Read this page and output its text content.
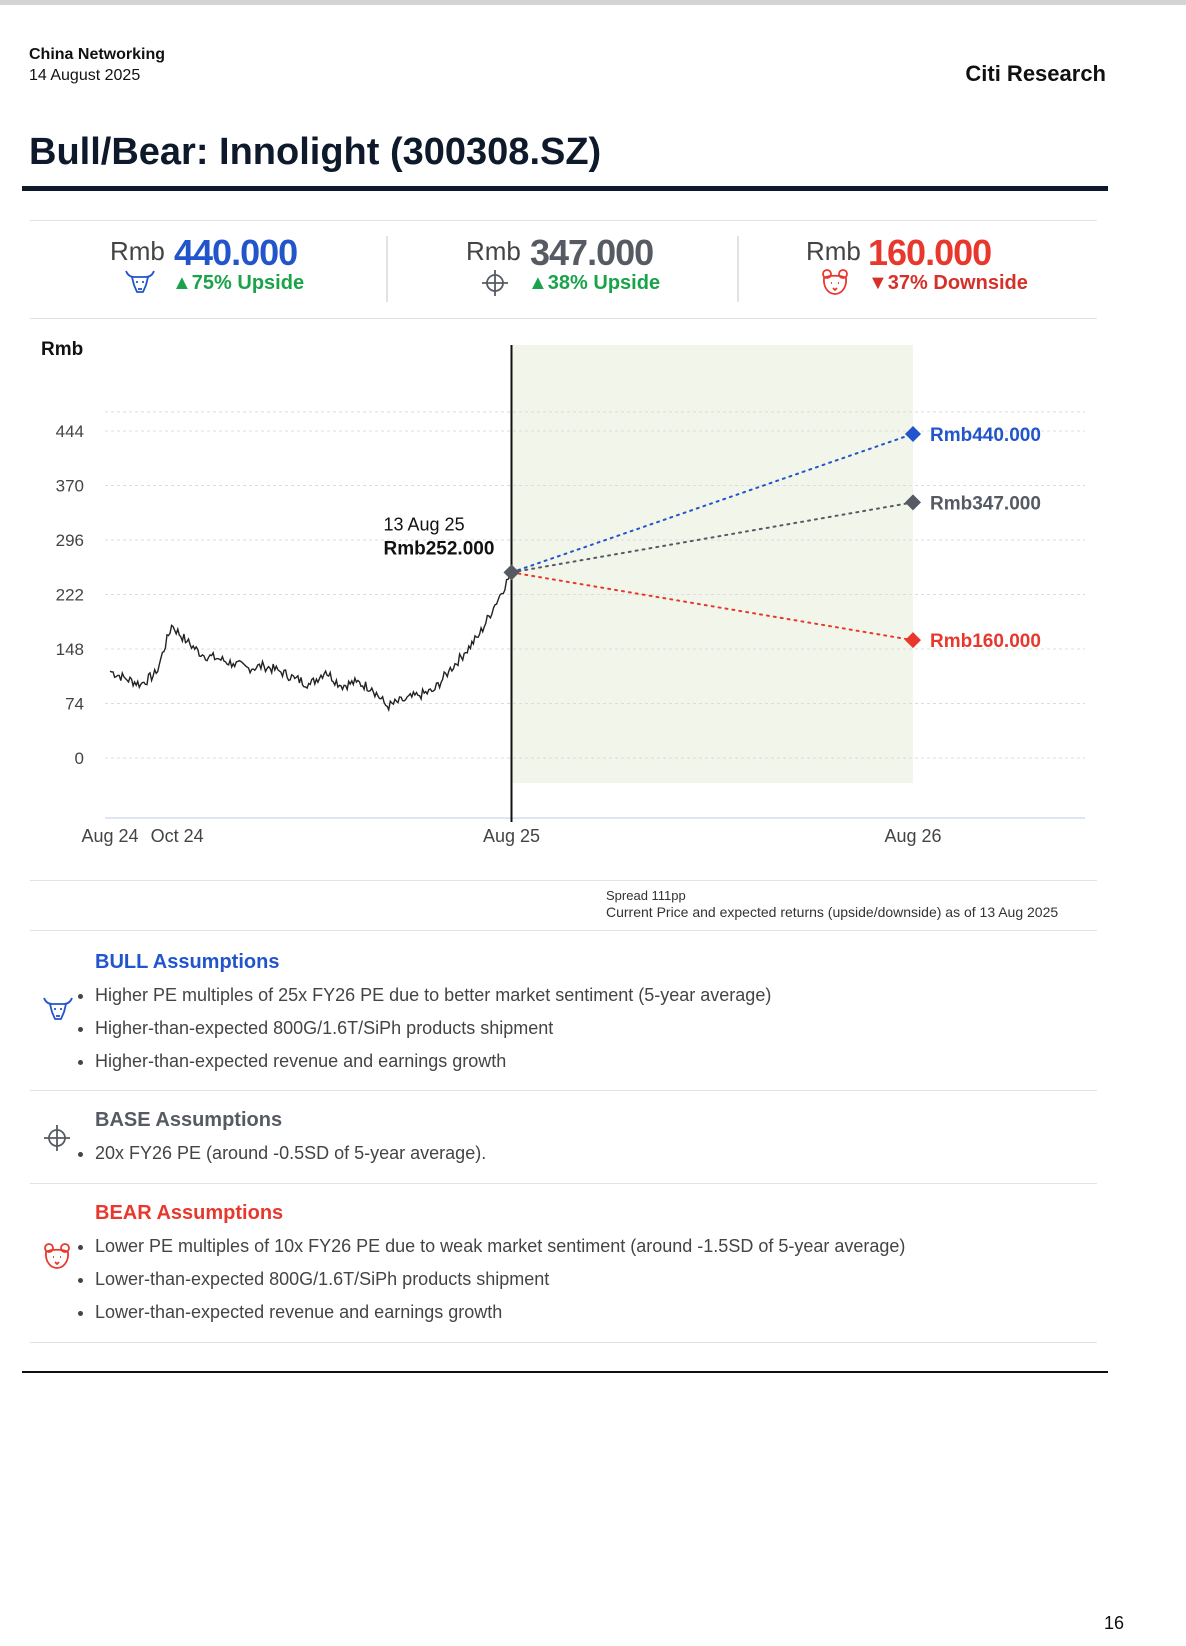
China Networking
14 August 2025	Citi Research
Bull/Bear: Innolight (300308.SZ)
Rmb 440.000
▲75% Upside
Rmb 347.000
▲38% Upside
Rmb 160.000
▼37% Downside
0
74
148
222
296
370
444
Rmb
Aug 24 Oct 24	Aug 25	Aug 26
13 Aug 25
Rmb252.000
Rmb440.000
Rmb347.000
Rmb160.000
Spread 111pp
Current Price and expected returns (upside/downside) as of 13 Aug 2025
BULL Assumptions
• Higher PE multiples of 25x FY26 PE due to better market sentiment (5-year average)
• Higher-than-expected 800G/1.6T/SiPh products shipment
• Higher-than-expected revenue and earnings growth
BASE Assumptions
• 20x FY26 PE (around -0.5SD of 5-year average).
BEAR Assumptions
• Lower PE multiples of 10x FY26 PE due to weak market sentiment (around -1.5SD of 5-year average)
• Lower-than-expected 800G/1.6T/SiPh products shipment
• Lower-than-expected revenue and earnings growth
16
